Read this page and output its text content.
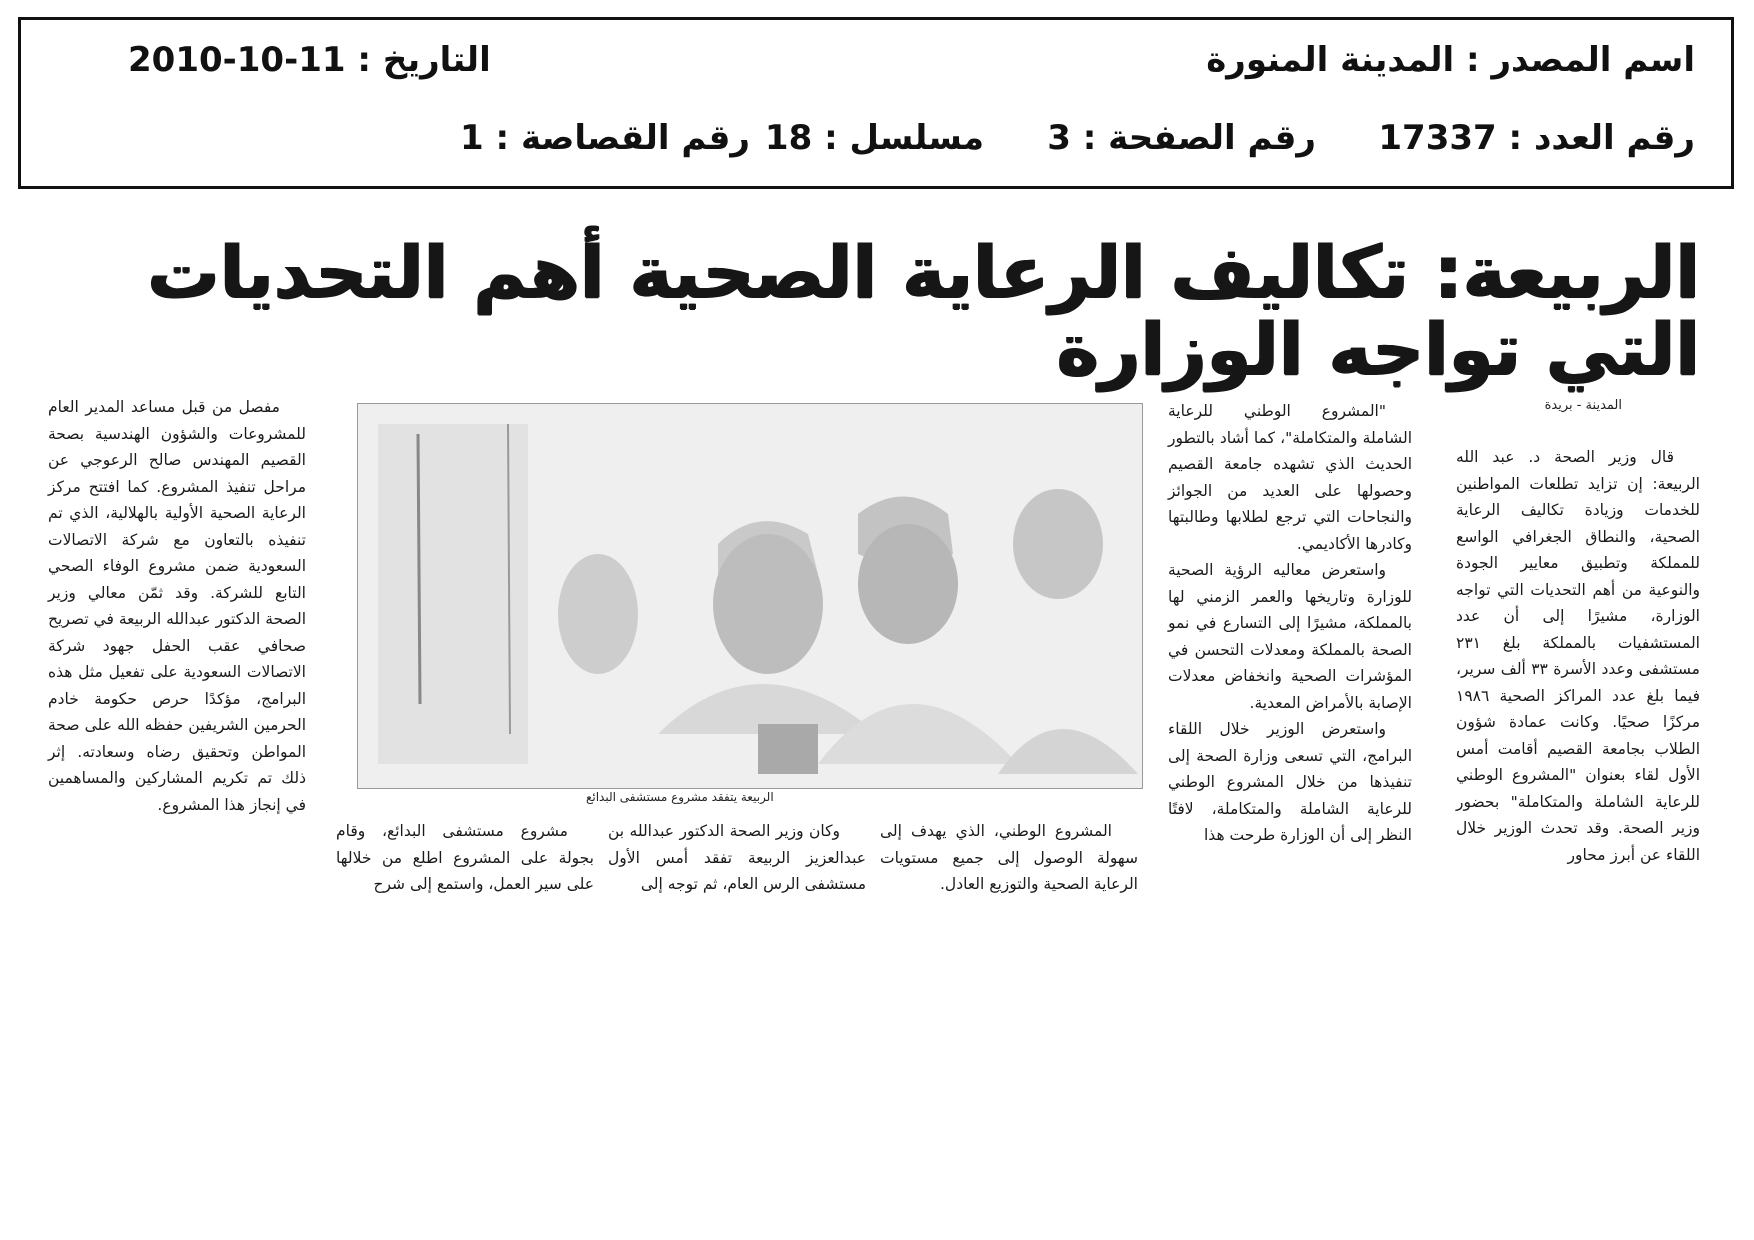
اسم المصدر : المدينة المنورة
التاريخ : 11-10-2010
رقم العدد : 17337
رقم الصفحة : 3
مسلسل : 18
رقم القصاصة : 1
الربيعة: تكاليف الرعاية الصحية أهم التحديات
التي تواجه الوزارة
المدينة - بريدة

قال وزير الصحة د. عبد الله الربيعة: إن تزايد تطلعات المواطنين للخدمات وزيادة تكاليف الرعاية الصحية، والنطاق الجغرافي الواسع للمملكة وتطبيق معايير الجودة والنوعية من أهم التحديات التي تواجه الوزارة، مشيرًا إلى أن عدد المستشفيات بالمملكة بلغ ٢٣١ مستشفى وعدد الأسرة ٣٣ ألف سرير، فيما بلغ عدد المراكز الصحية ١٩٨٦ مركزًا صحيًا. وكانت عمادة شؤون الطلاب بجامعة القصيم أقامت أمس الأول لقاء بعنوان "المشروع الوطني للرعاية الشاملة والمتكاملة" بحضور وزير الصحة. وقد تحدث الوزير خلال اللقاء عن أبرز محاور

"المشروع الوطني للرعاية الشاملة والمتكاملة"، كما أشاد بالتطور الحديث الذي تشهده جامعة القصيم وحصولها على العديد من الجوائز والنجاحات التي ترجع لطلابها وطالبتها وكادرها الأكاديمي.

واستعرض معاليه الرؤية الصحية للوزارة وتاريخها والعمر الزمني لها بالمملكة، مشيرًا إلى التسارع في نمو الصحة بالمملكة ومعدلات التحسن في المؤشرات الصحية وانخفاض معدلات الإصابة بالأمراض المعدية.

واستعرض الوزير خلال اللقاء البرامج، التي تسعى وزارة الصحة إلى تنفيذها من خلال المشروع الوطني للرعاية الشاملة والمتكاملة، لافتًا النظر إلى أن الوزارة طرحت هذا

الربيعة يتفقد مشروع مستشفى البدائع

المشروع الوطني، الذي يهدف إلى سهولة الوصول إلى جميع مستويات الرعاية الصحية والتوزيع العادل.

وكان وزير الصحة الدكتور عبدالله بن عبدالعزيز الربيعة تفقد أمس الأول مستشفى الرس العام، ثم توجه إلى

مشروع مستشفى البدائع، وقام بجولة على المشروع اطلع من خلالها على سير العمل، واستمع إلى شرح

مفصل من قبل مساعد المدير العام للمشروعات والشؤون الهندسية بصحة القصيم المهندس صالح الرعوجي عن مراحل تنفيذ المشروع. كما افتتح مركز الرعاية الصحية الأولية بالهلالية، الذي تم تنفيذه بالتعاون مع شركة الاتصالات السعودية ضمن مشروع الوفاء الصحي التابع للشركة. وقد ثمّن معالي وزير الصحة الدكتور عبدالله الربيعة في تصريح صحافي عقب الحفل جهود شركة الاتصالات السعودية على تفعيل مثل هذه البرامج، مؤكدًا حرص حكومة خادم الحرمين الشريفين حفظه الله على صحة المواطن وتحقيق رضاه وسعادته. إثر ذلك تم تكريم المشاركين والمساهمين في إنجاز هذا المشروع.
